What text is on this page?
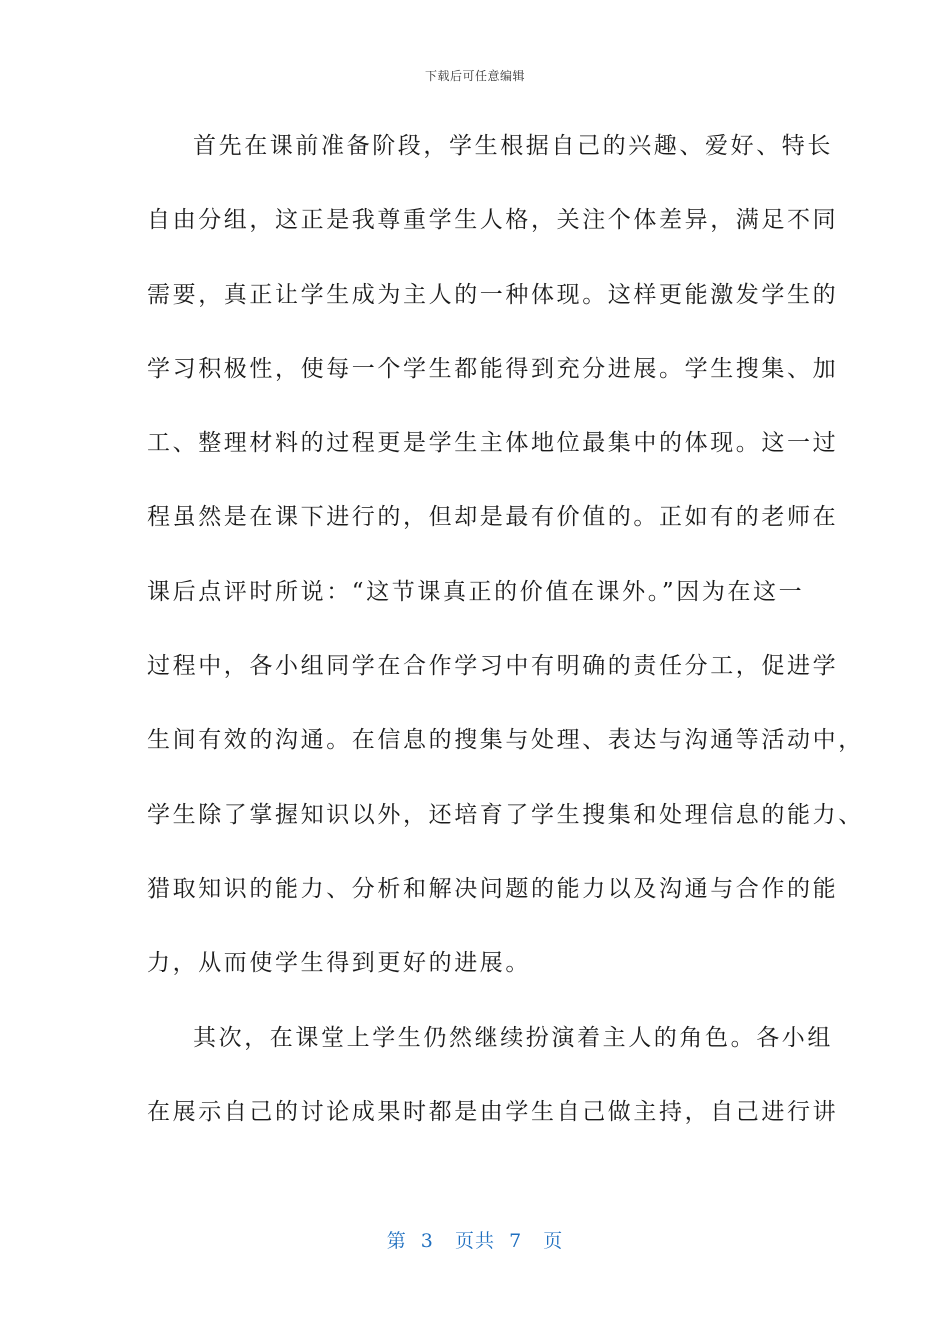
下载后可任意编辑
首先在课前准备阶段，学生根据自己的兴趣、爱好、特长
自由分组，这正是我尊重学生人格，关注个体差异，满足不同
需要，真正让学生成为主人的一种体现。这样更能激发学生的
学习积极性，使每一个学生都能得到充分进展。学生搜集、加
工、整理材料的过程更是学生主体地位最集中的体现。这一过
程虽然是在课下进行的，但却是最有价值的。正如有的老师在
课后点评时所说：“这节课真正的价值在课外。”因为在这一
过程中，各小组同学在合作学习中有明确的责任分工，促进学
生间有效的沟通。在信息的搜集与处理、表达与沟通等活动中，
学生除了掌握知识以外，还培育了学生搜集和处理信息的能力、
猎取知识的能力、分析和解决问题的能力以及沟通与合作的能
力，从而使学生得到更好的进展。
其次，在课堂上学生仍然继续扮演着主人的角色。各小组
在展示自己的讨论成果时都是由学生自己做主持，自己进行讲
第  3   页共  7   页
